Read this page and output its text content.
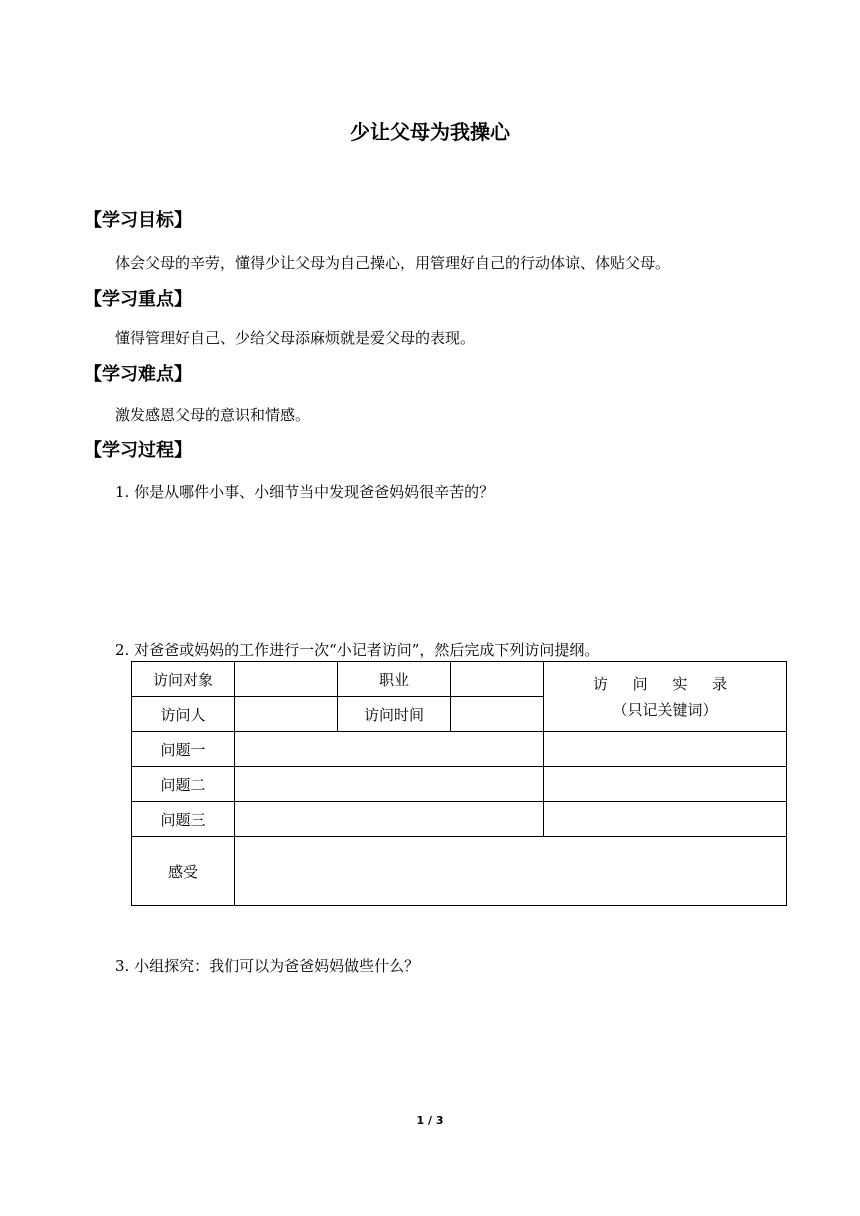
少让父母为我操心
【学习目标】
体会父母的辛劳，懂得少让父母为自己操心，用管理好自己的行动体谅、体贴父母。
【学习重点】
懂得管理好自己、少给父母添麻烦就是爱父母的表现。
【学习难点】
激发感恩父母的意识和情感。
【学习过程】
1. 你是从哪件小事、小细节当中发现爸爸妈妈很辛苦的？
2. 对爸爸或妈妈的工作进行一次“小记者访问”，然后完成下列访问提纲。
访问对象		职业		访 问 实 录
（只记关键词）

访问人		访问时间		
问题一				
问题二				
问题三				
感受				
3. 小组探究：我们可以为爸爸妈妈做些什么？
1 / 3
